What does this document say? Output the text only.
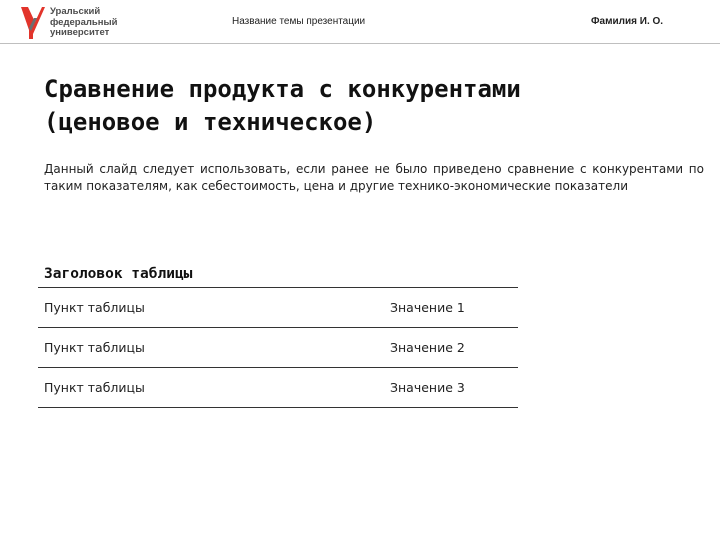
Уральский
федеральный
университет
Название темы презентации	Фамилия И. О.
Сравнение продукта с конкурентами
(ценовое и техническое)
Данный слайд следует использовать, если ранее не было приведено сравнение с конкурентами по таким показателям, как себестоимость, цена и другие технико-экономические показатели
Заголовок таблицы
Пункт таблицы	Значение 1
Пункт таблицы	Значение 2
Пункт таблицы	Значение 3
